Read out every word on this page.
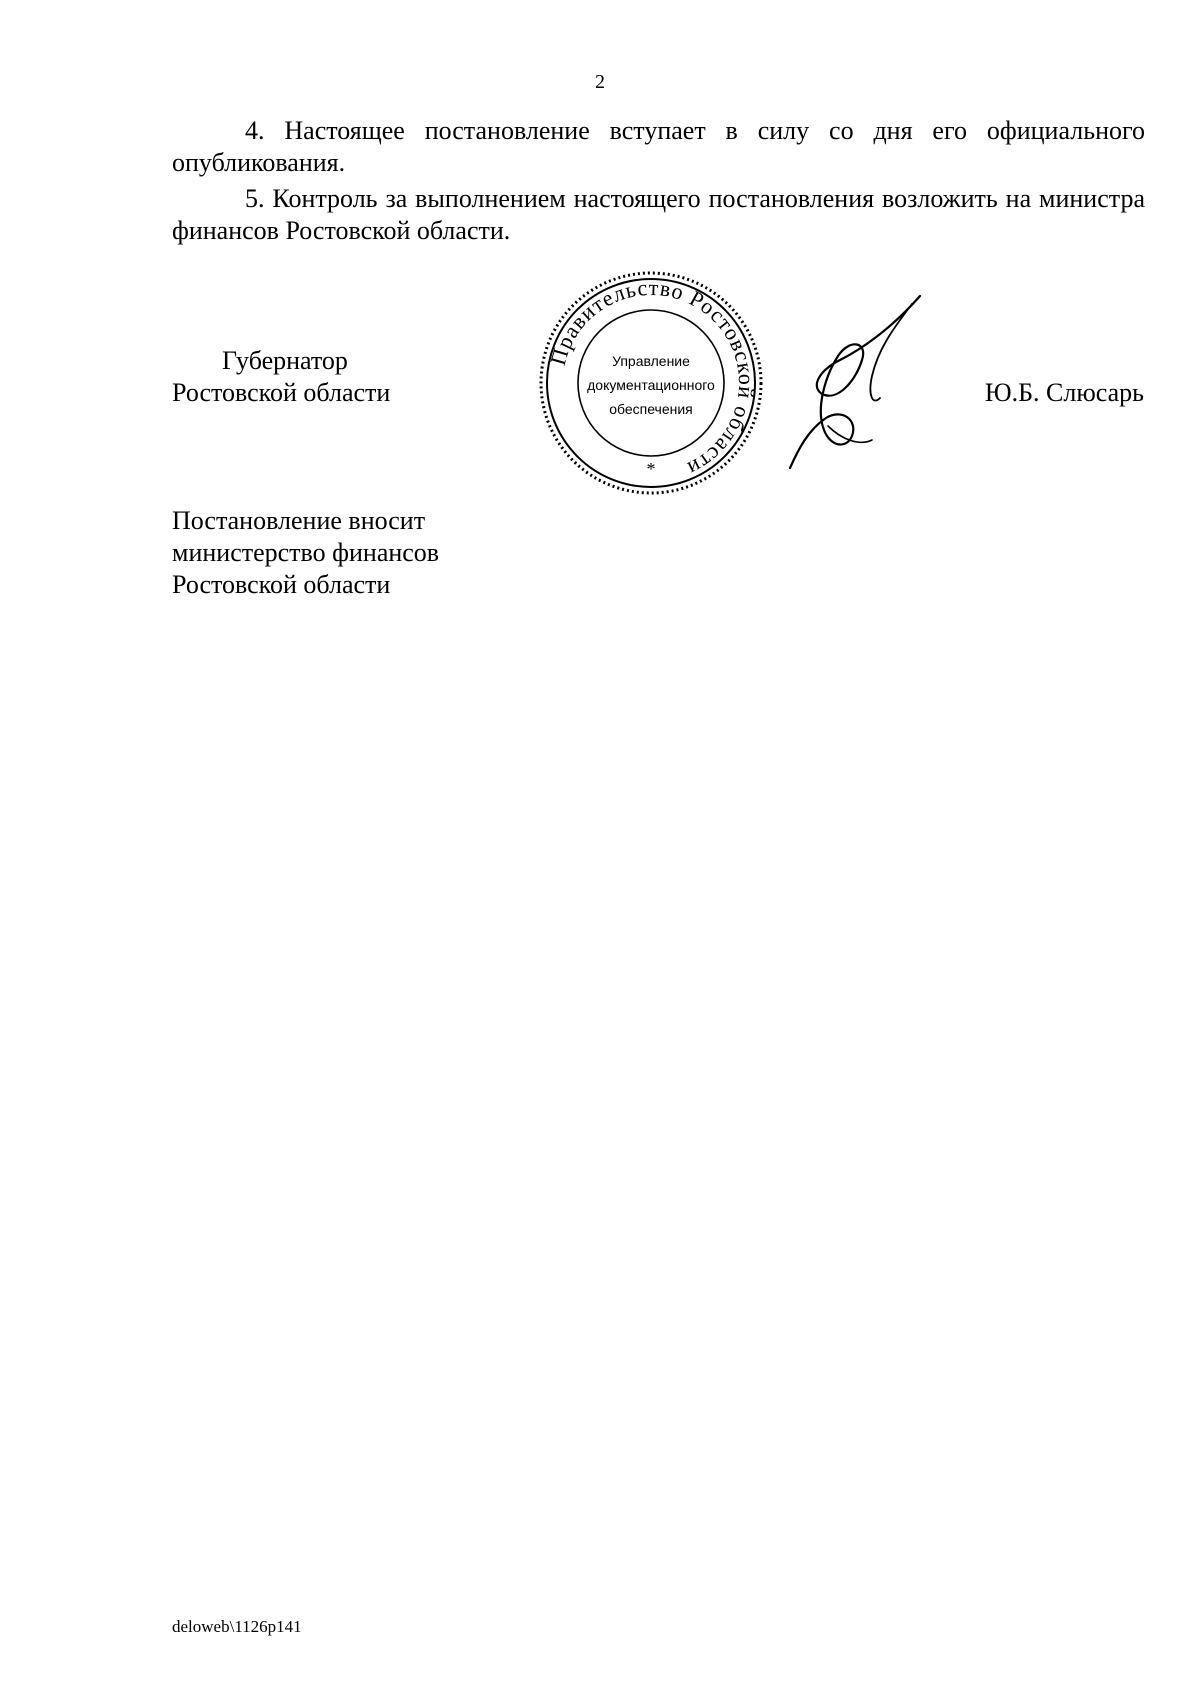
2

4. Настоящее постановление вступает в силу со дня его официального опубликования.

5. Контроль за выполнением настоящего постановления возложить на министра финансов Ростовской области.

Губернатор
Ростовской области
Правительство Ростовской области
Управление
документационного
обеспечения
*
Ю.Б. Слюсарь
Постановление вносит
министерство финансов
Ростовской области
deloweb\1126p141
